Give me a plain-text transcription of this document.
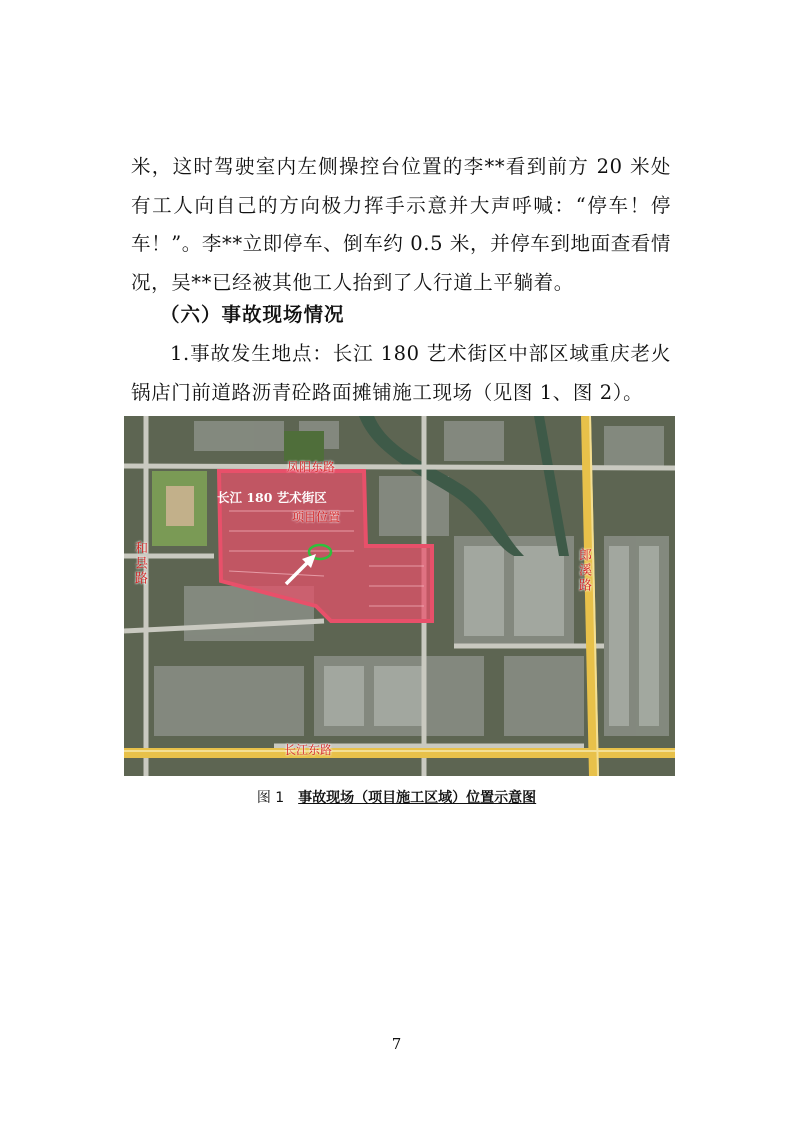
米，这时驾驶室内左侧操控台位置的李**看到前方 20 米处有工人向自己的方向极力挥手示意并大声呼喊：“停车！停车！”。李**立即停车、倒车约 0.5 米，并停车到地面查看情况，吴**已经被其他工人抬到了人行道上平躺着。

（六）事故现场情况

1.事故发生地点：长江 180 艺术街区中部区域重庆老火锅店门前道路沥青砼路面摊铺施工现场（见图 1、图 2）。

凤阳东路
长江 180 艺术街区
项目位置
和县路	郎溪路
长江东路
图 1 事故现场（项目施工区域）位置示意图
7
